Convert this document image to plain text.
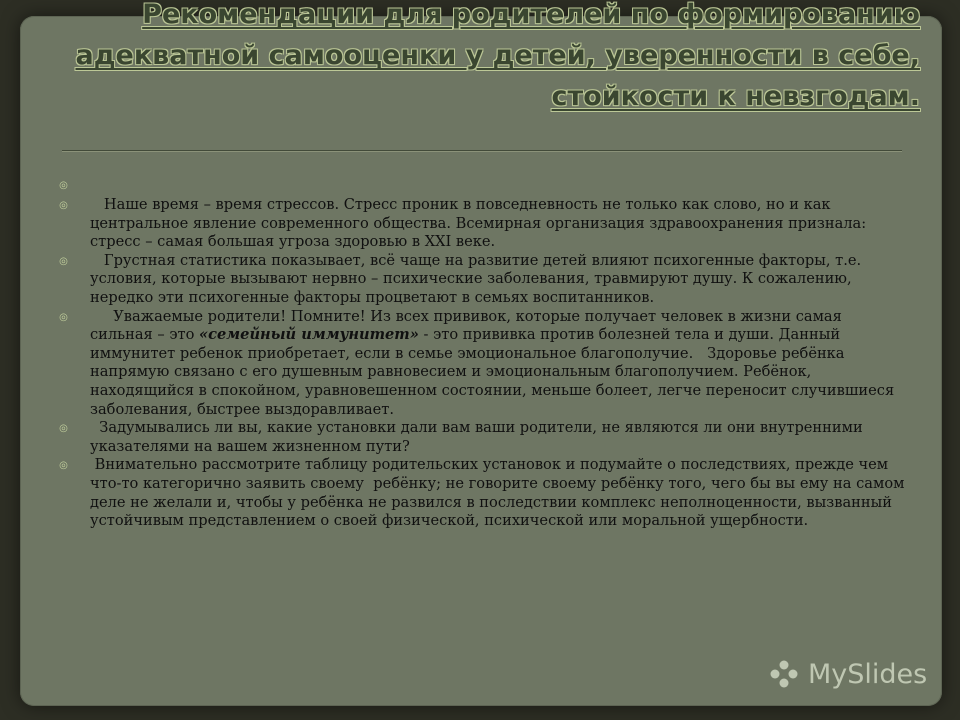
Рекомендации для родителей по формированию адекватной самооценки у детей, уверенности в себе, стойкости к невзгодам.
◎

◎ Наше время – время стрессов. Стресс проник в повседневность не только как слово, но и как центральное явление современного общества. Всемирная организация здравоохранения признала: стресс – самая большая угроза здоровью в XXI веке.

◎ Грустная статистика показывает, всё чаще на развитие детей влияют психогенные факторы, т.е. условия, которые вызывают нервно – психические заболевания, травмируют душу. К сожалению, нередко эти психогенные факторы процветают в семьях воспитанников.

◎ Уважаемые родители! Помните! Из всех прививок, которые получает человек в жизни самая сильная – это «семейный иммунитет» - это прививка против болезней тела и души. Данный иммунитет ребенок приобретает, если в семье эмоциональное благополучие.   Здоровье ребёнка напрямую связано с его душевным равновесием и эмоциональным благополучием. Ребёнок, находящийся в спокойном, уравновешенном состоянии, меньше болеет, легче переносит случившиеся заболевания, быстрее выздоравливает.

◎ Задумывались ли вы, какие установки дали вам ваши родители, не являются ли они внутренними указателями на вашем жизненном пути?

◎ Внимательно рассмотрите таблицу родительских установок и подумайте о последствиях, прежде чем что-то категорично заявить своему  ребёнку; не говорите своему ребёнку того, чего бы вы ему на самом деле не желали и, чтобы у ребёнка не развился в последствии комплекс неполноценности, вызванный устойчивым представлением о своей физической, психической или моральной ущербности.

MySlides
